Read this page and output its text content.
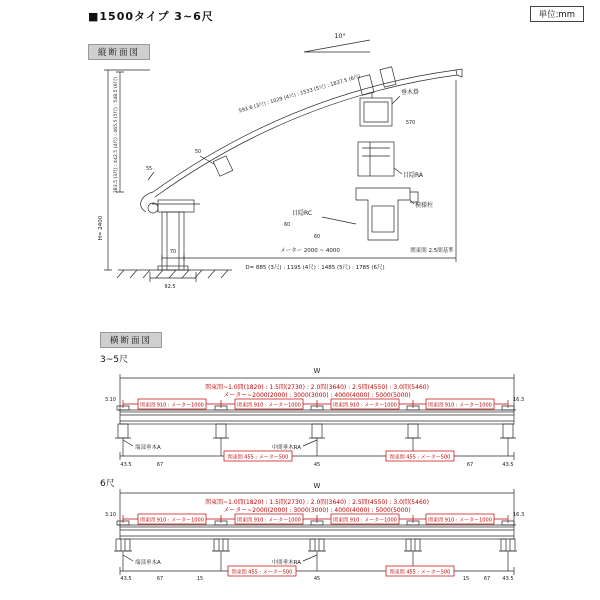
■1500タイプ 3~6尺	単位:mm
縦断面図
横断面図
3~5尺
6尺
10°
593.6 (3尺) : 1029 (4尺) : 1533 (5尺) : 1837.5 (6尺)
383.5 (3尺) : 442.5 (4尺) : 465.5 (5尺) : 548.5 (6尺)
H= 2400
50
55
60
60
570
垂木掛
目隠RA
目隠RC
模様柱
70
92.5
メーター 2000 ~ 4000	関東間 2.5間基準
D= 885 (3尺) : 1195 (4尺) : 1485 (5尺) : 1785 (6尺)
関東間 910 : メーター1000	関東間 910 : メーター1000	関東間 910 : メーター1000	関東間 910 : メーター1000
関東間 455 : メーター500	関東間 455 : メーター500
W
関東間~1.0間(1820) : 1.5間(2730) : 2.0間(3640) : 2.5間(4550) : 3.0間(5460)
メーター~2000(2000) : 3000(3000) : 4000(4000) : 5000(5000)
3.10	16.3
端部垂木A	中間垂木RA
43.5	67	45	67	43.5
関東間 910 : メーター1000	関東間 910 : メーター1000	関東間 910 : メーター1000	関東間 910 : メーター1000
関東間 455 : メーター500	関東間 455 : メーター500
W
関東間~1.0間(1820) : 1.5間(2730) : 2.0間(3640) : 2.5間(4550) : 3.0間(5460)
メーター~2000(2000) : 3000(3000) : 4000(4000) : 5000(5000)
3.10	16.3
端部垂木A	中間垂木RA
43.5	67	15	45	15	67 43.5
